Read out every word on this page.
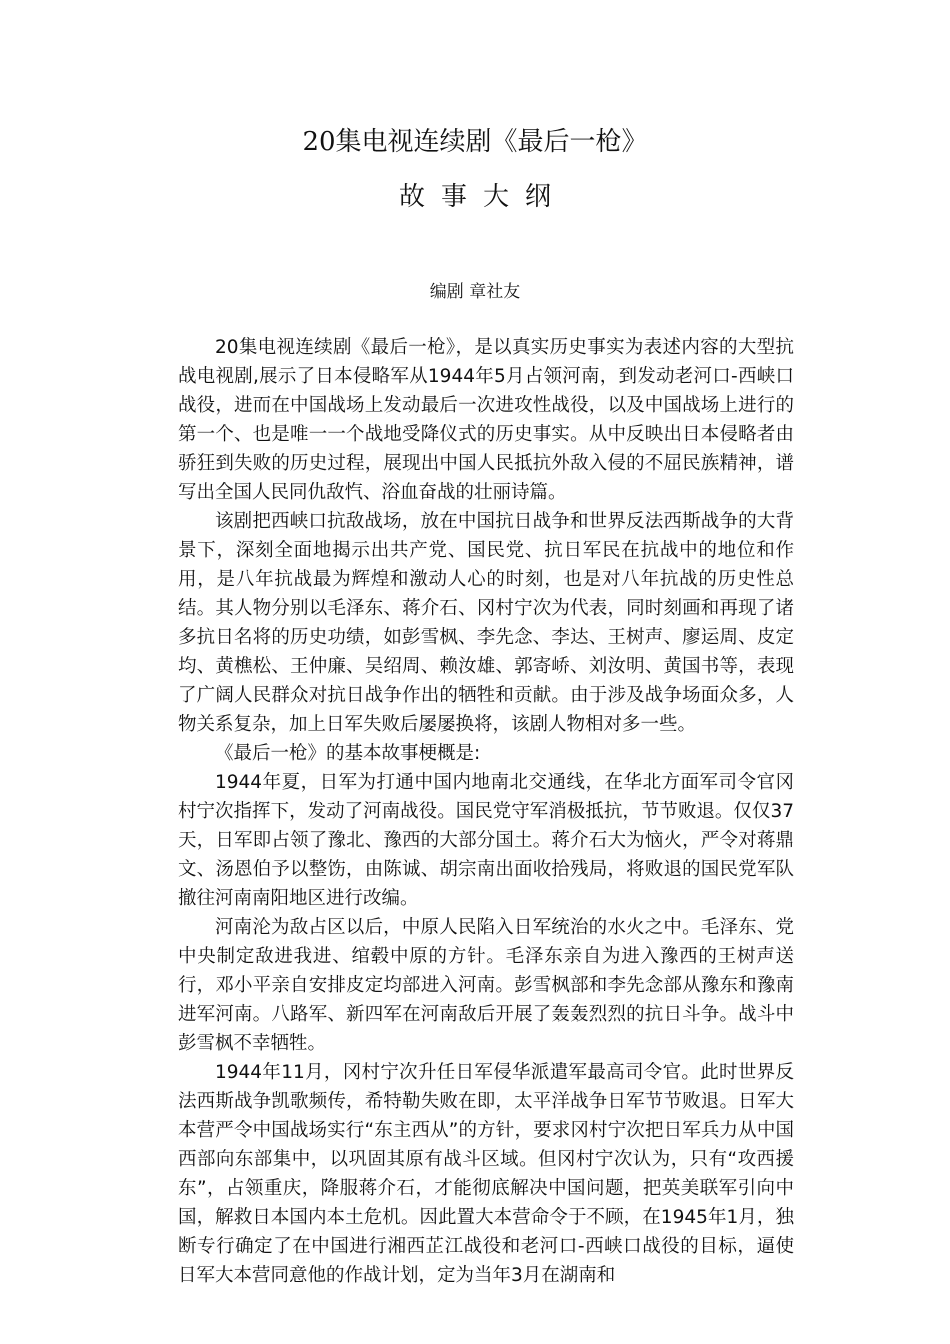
20集电视连续剧《最后一枪》
故事大纲
编剧 章社友

20集电视连续剧《最后一枪》，是以真实历史事实为表述内容的大型抗战电视剧,展示了日本侵略军从1944年5月占领河南，到发动老河口-西峡口战役，进而在中国战场上发动最后一次进攻性战役，以及中国战场上进行的第一个、也是唯一一个战地受降仪式的历史事实。从中反映出日本侵略者由骄狂到失败的历史过程，展现出中国人民抵抗外敌入侵的不屈民族精神，谱写出全国人民同仇敌忾、浴血奋战的壮丽诗篇。

该剧把西峡口抗敌战场，放在中国抗日战争和世界反法西斯战争的大背景下，深刻全面地揭示出共产党、国民党、抗日军民在抗战中的地位和作用，是八年抗战最为辉煌和激动人心的时刻，也是对八年抗战的历史性总结。其人物分别以毛泽东、蒋介石、冈村宁次为代表，同时刻画和再现了诸多抗日名将的历史功绩，如彭雪枫、李先念、李达、王树声、廖运周、皮定均、黄樵松、王仲廉、吴绍周、赖汝雄、郭寄峤、刘汝明、黄国书等，表现了广阔人民群众对抗日战争作出的牺牲和贡献。由于涉及战争场面众多，人物关系复杂，加上日军失败后屡屡换将，该剧人物相对多一些。

《最后一枪》的基本故事梗概是:

1944年夏，日军为打通中国内地南北交通线，在华北方面军司令官冈村宁次指挥下，发动了河南战役。国民党守军消极抵抗，节节败退。仅仅37天，日军即占领了豫北、豫西的大部分国土。蒋介石大为恼火，严令对蒋鼎文、汤恩伯予以整饬，由陈诚、胡宗南出面收拾残局，将败退的国民党军队撤往河南南阳地区进行改编。

河南沦为敌占区以后，中原人民陷入日军统治的水火之中。毛泽东、党中央制定敌进我进、绾毂中原的方针。毛泽东亲自为进入豫西的王树声送行，邓小平亲自安排皮定均部进入河南。彭雪枫部和李先念部从豫东和豫南进军河南。八路军、新四军在河南敌后开展了轰轰烈烈的抗日斗争。战斗中彭雪枫不幸牺牲。

1944年11月，冈村宁次升任日军侵华派遣军最高司令官。此时世界反法西斯战争凯歌频传，希特勒失败在即，太平洋战争日军节节败退。日军大本营严令中国战场实行“东主西从”的方针，要求冈村宁次把日军兵力从中国西部向东部集中，以巩固其原有战斗区域。但冈村宁次认为，只有“攻西援东”，占领重庆，降服蒋介石，才能彻底解决中国问题，把英美联军引向中国，解救日本国内本土危机。因此置大本营命令于不顾，在1945年1月，独断专行确定了在中国进行湘西芷江战役和老河口-西峡口战役的目标，逼使日军大本营同意他的作战计划，定为当年3月在湖南和
